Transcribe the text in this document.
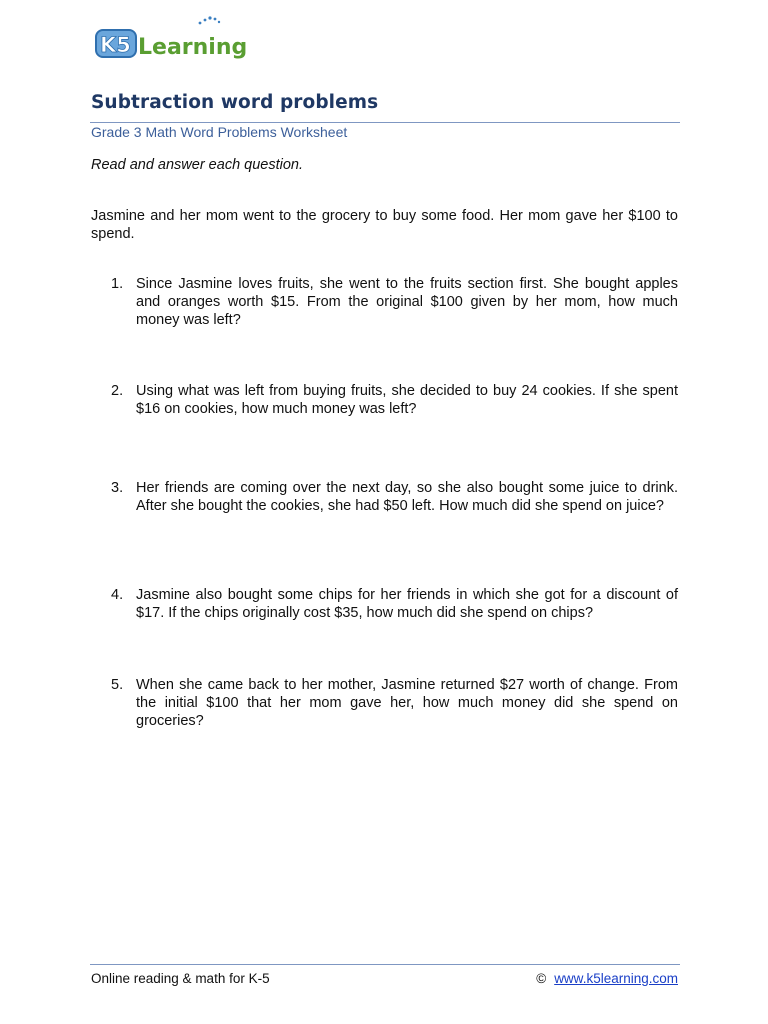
K5 Learning
Subtraction word problems
Grade 3 Math Word Problems Worksheet
Read and answer each question.
Jasmine and her mom went to the grocery to buy some food. Her mom gave her $100 to spend.
1. Since Jasmine loves fruits, she went to the fruits section first. She bought apples and oranges worth $15. From the original $100 given by her mom, how much money was left?
2. Using what was left from buying fruits, she decided to buy 24 cookies. If she spent $16 on cookies, how much money was left?
3. Her friends are coming over the next day, so she also bought some juice to drink. After she bought the cookies, she had $50 left. How much did she spend on juice?
4. Jasmine also bought some chips for her friends in which she got for a discount of $17. If the chips originally cost $35, how much did she spend on chips?
5. When she came back to her mother, Jasmine returned $27 worth of change. From the initial $100 that her mom gave her, how much money did she spend on groceries?
Online reading & math for K-5	© www.k5learning.com
